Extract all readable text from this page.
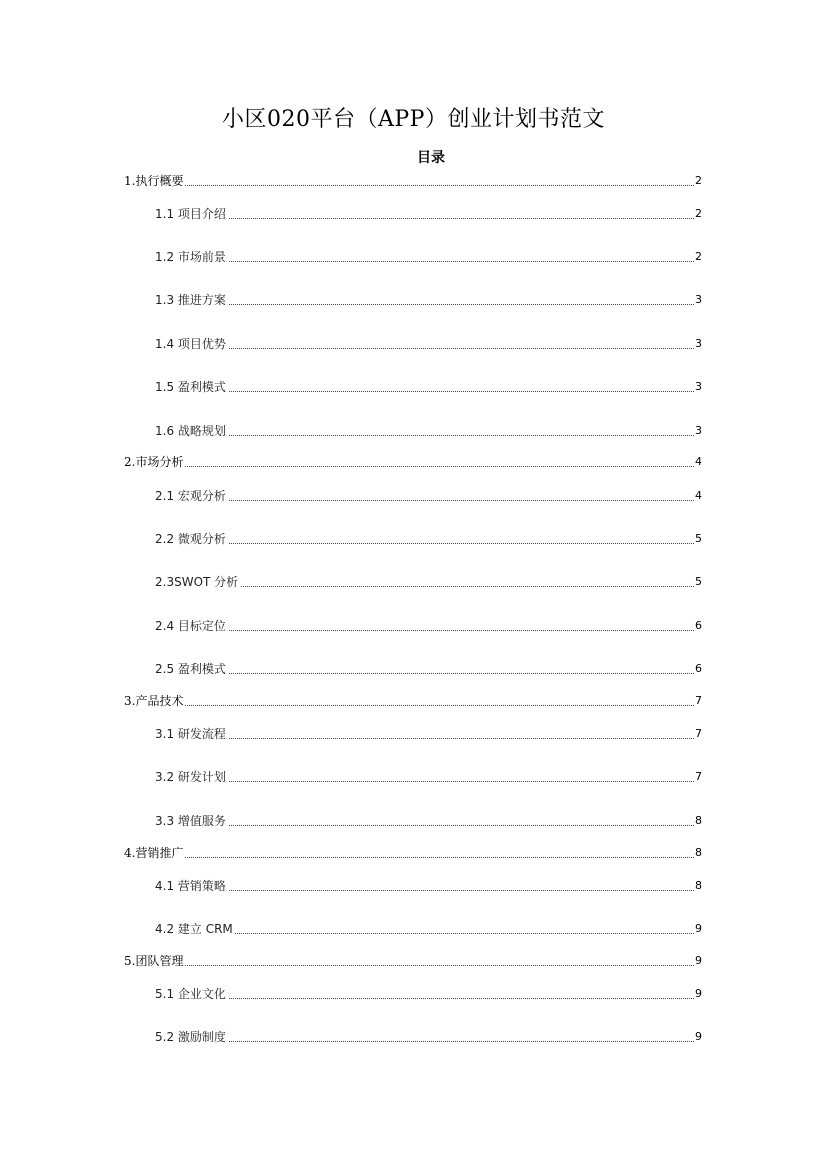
小区020平台（APP）创业计划书范文
目录
1.执行概要	2
1.1 项目介绍	2
1.2 市场前景	2
1.3 推进方案	3
1.4 项目优势	3
1.5 盈利模式	3
1.6 战略规划	3
2.市场分析	4
2.1 宏观分析	4
2.2 微观分析	5
2.3SWOT 分析	5
2.4 目标定位	6
2.5 盈利模式	6
3.产品技术	7
3.1 研发流程	7
3.2 研发计划	7
3.3 增值服务	8
4.营销推广	8
4.1 营销策略	8
4.2 建立 CRM	9
5.团队管理	9
5.1 企业文化	9
5.2 激励制度	9
